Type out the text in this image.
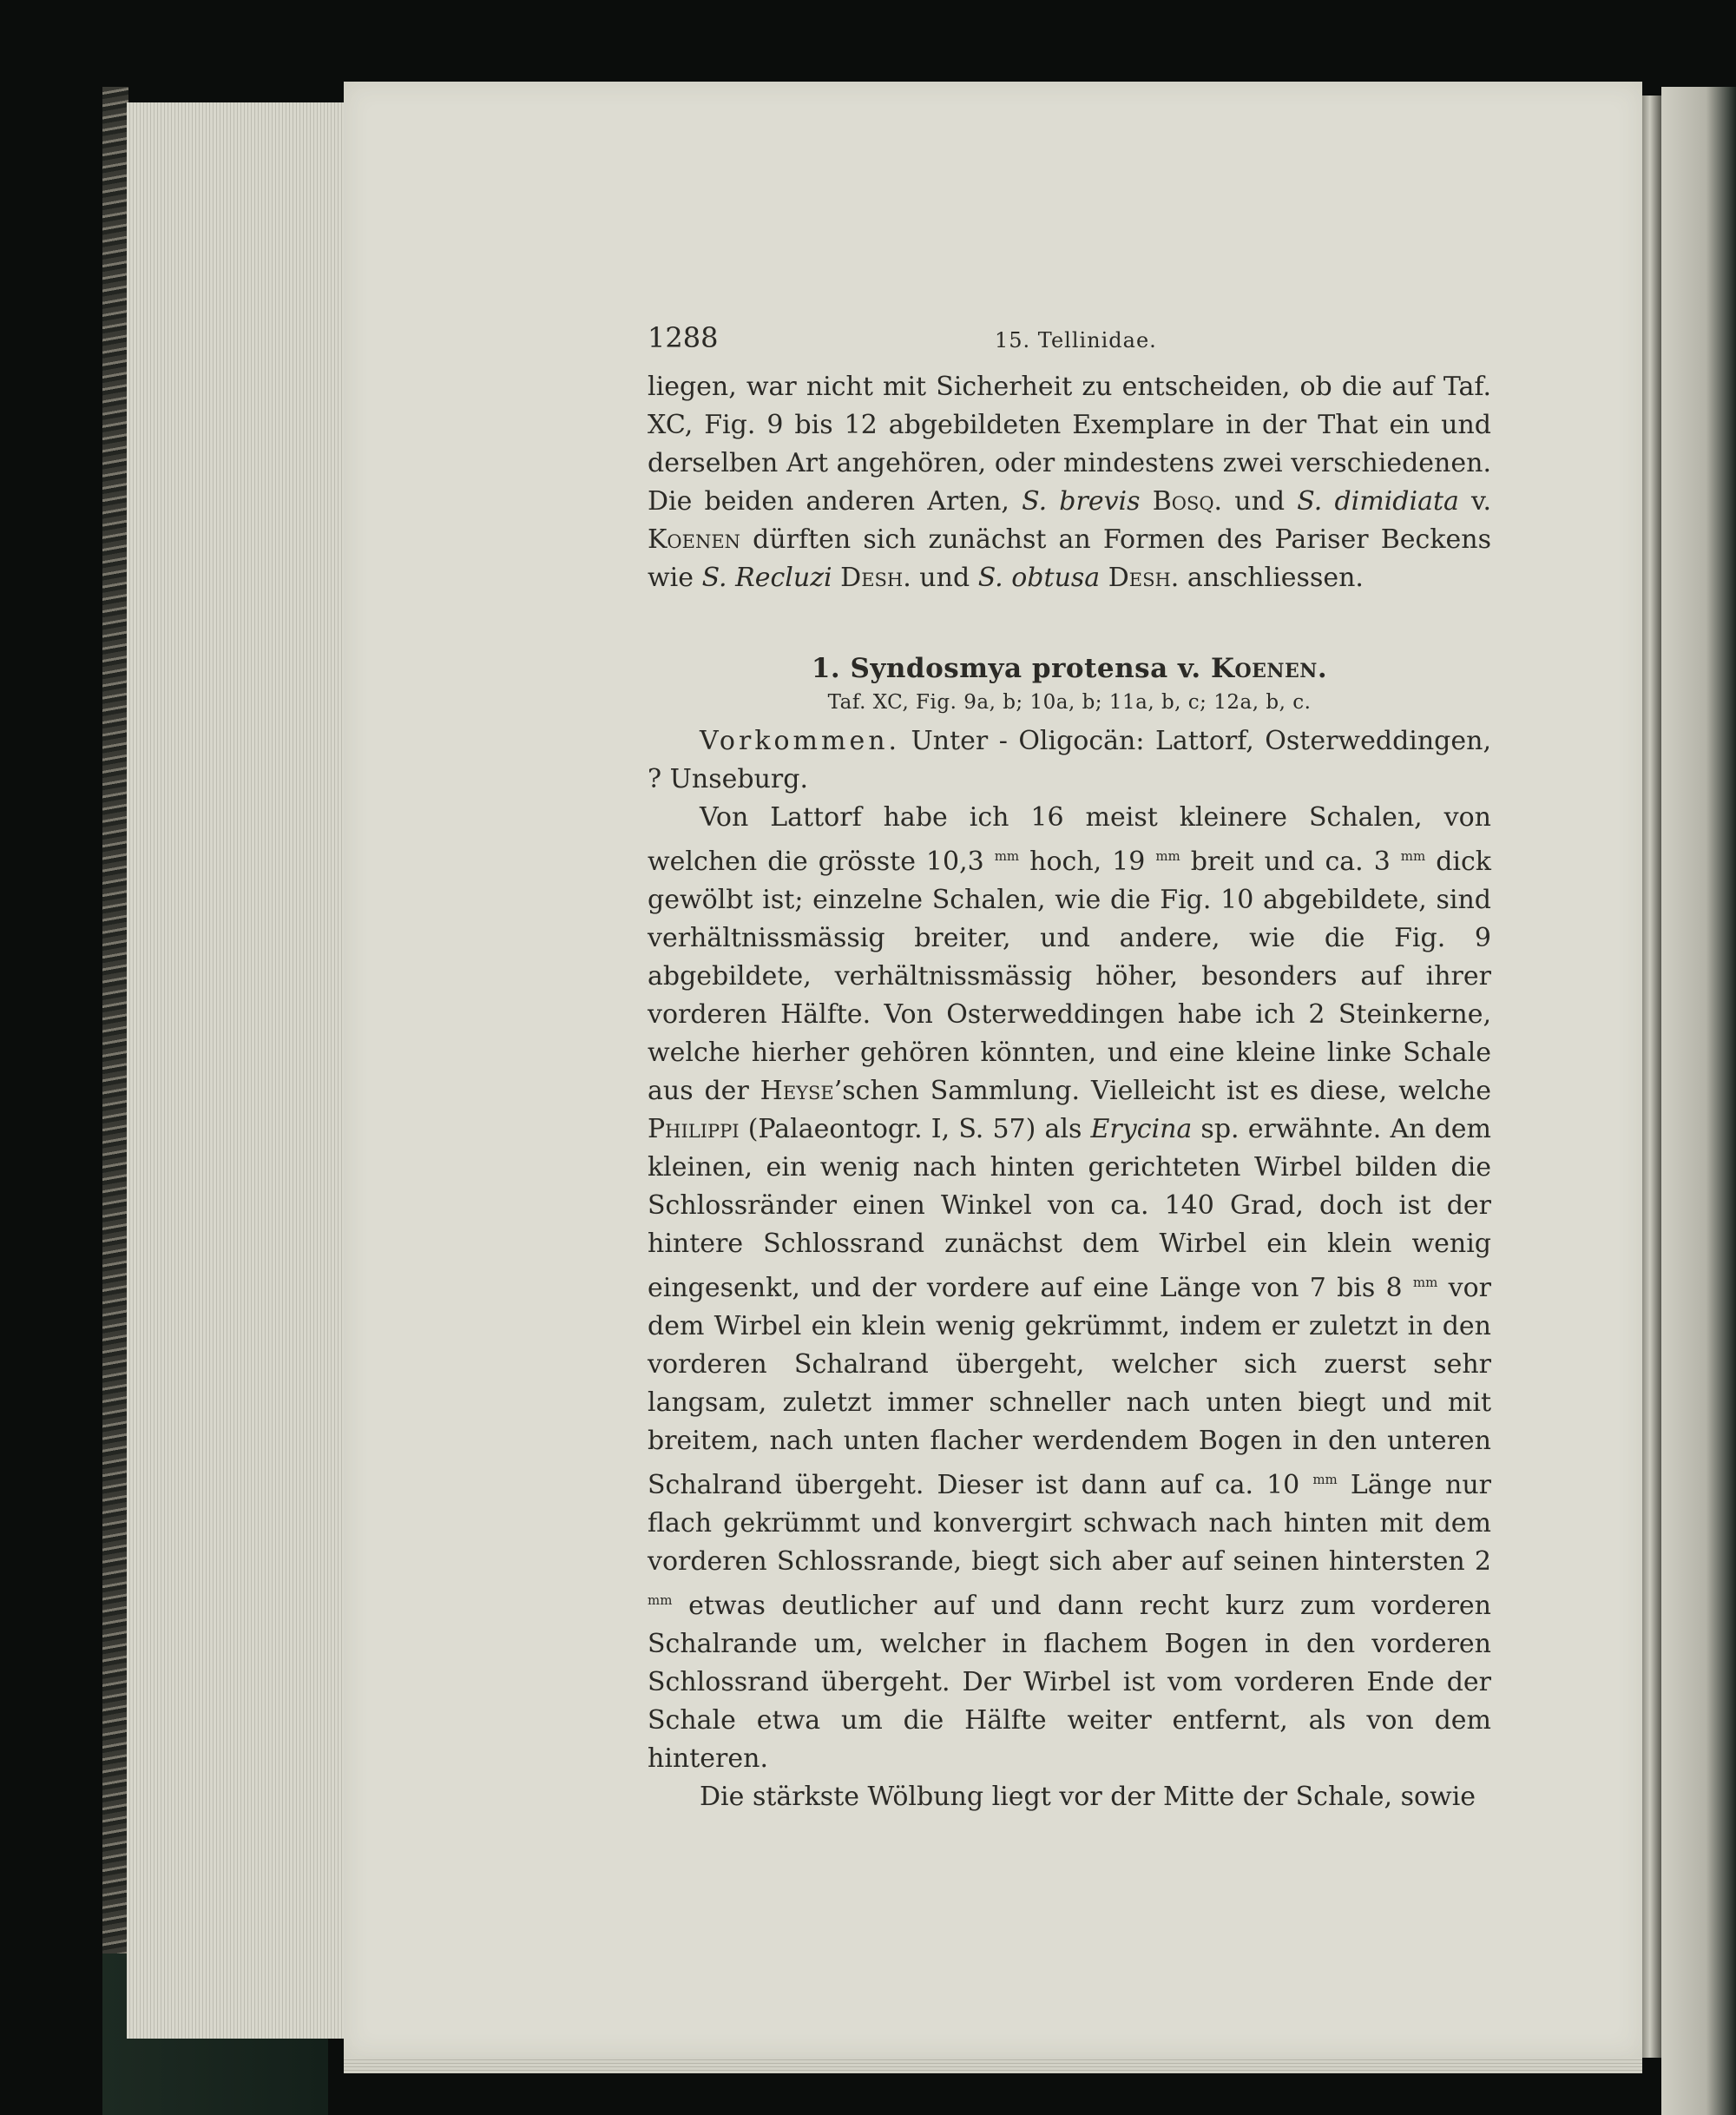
1288	15. Tellinidae.

liegen, war nicht mit Sicherheit zu entscheiden, ob die auf Taf. XC, Fig. 9 bis 12 abgebildeten Exemplare in der That ein und derselben Art angehören, oder mindestens zwei verschiedenen. Die beiden anderen Arten, S. brevis Bosq. und S. dimidiata v. Koenen dürften sich zunächst an Formen des Pariser Beckens wie S. Recluzi Desh. und S. obtusa Desh. anschliessen.

1. Syndosmya protensa v. Koenen.
Taf. XC, Fig. 9a, b; 10a, b; 11a, b, c; 12a, b, c.

Vorkommen. Unter - Oligocän: Lattorf, Osterweddingen, ? Unseburg.

Von Lattorf habe ich 16 meist kleinere Schalen, von welchen die grösste 10,3 $^{mm}$ hoch, 19 $^{mm}$ breit und ca. 3 $^{mm}$ dick gewölbt ist; einzelne Schalen, wie die Fig. 10 abgebildete, sind verhältnissmässig breiter, und andere, wie die Fig. 9 abgebildete, verhältnissmässig höher, besonders auf ihrer vorderen Hälfte. Von Osterweddingen habe ich 2 Steinkerne, welche hierher gehören könnten, und eine kleine linke Schale aus der Heyse’schen Sammlung. Vielleicht ist es diese, welche Philippi (Palaeontogr. I, S. 57) als Erycina sp. erwähnte. An dem kleinen, ein wenig nach hinten gerichteten Wirbel bilden die Schlossränder einen Winkel von ca. 140 Grad, doch ist der hintere Schlossrand zunächst dem Wirbel ein klein wenig eingesenkt, und der vordere auf eine Länge von 7 bis 8 $^{mm}$ vor dem Wirbel ein klein wenig gekrümmt, indem er zuletzt in den vorderen Schalrand übergeht, welcher sich zuerst sehr langsam, zuletzt immer schneller nach unten biegt und mit breitem, nach unten flacher werdendem Bogen in den unteren Schalrand übergeht. Dieser ist dann auf ca. 10 $^{mm}$ Länge nur flach gekrümmt und konvergirt schwach nach hinten mit dem vorderen Schlossrande, biegt sich aber auf seinen hintersten 2 $^{mm}$ etwas deutlicher auf und dann recht kurz zum vorderen Schalrande um, welcher in flachem Bogen in den vorderen Schlossrand übergeht. Der Wirbel ist vom vorderen Ende der Schale etwa um die Hälfte weiter entfernt, als von dem hinteren.

Die stärkste Wölbung liegt vor der Mitte der Schale, sowie
